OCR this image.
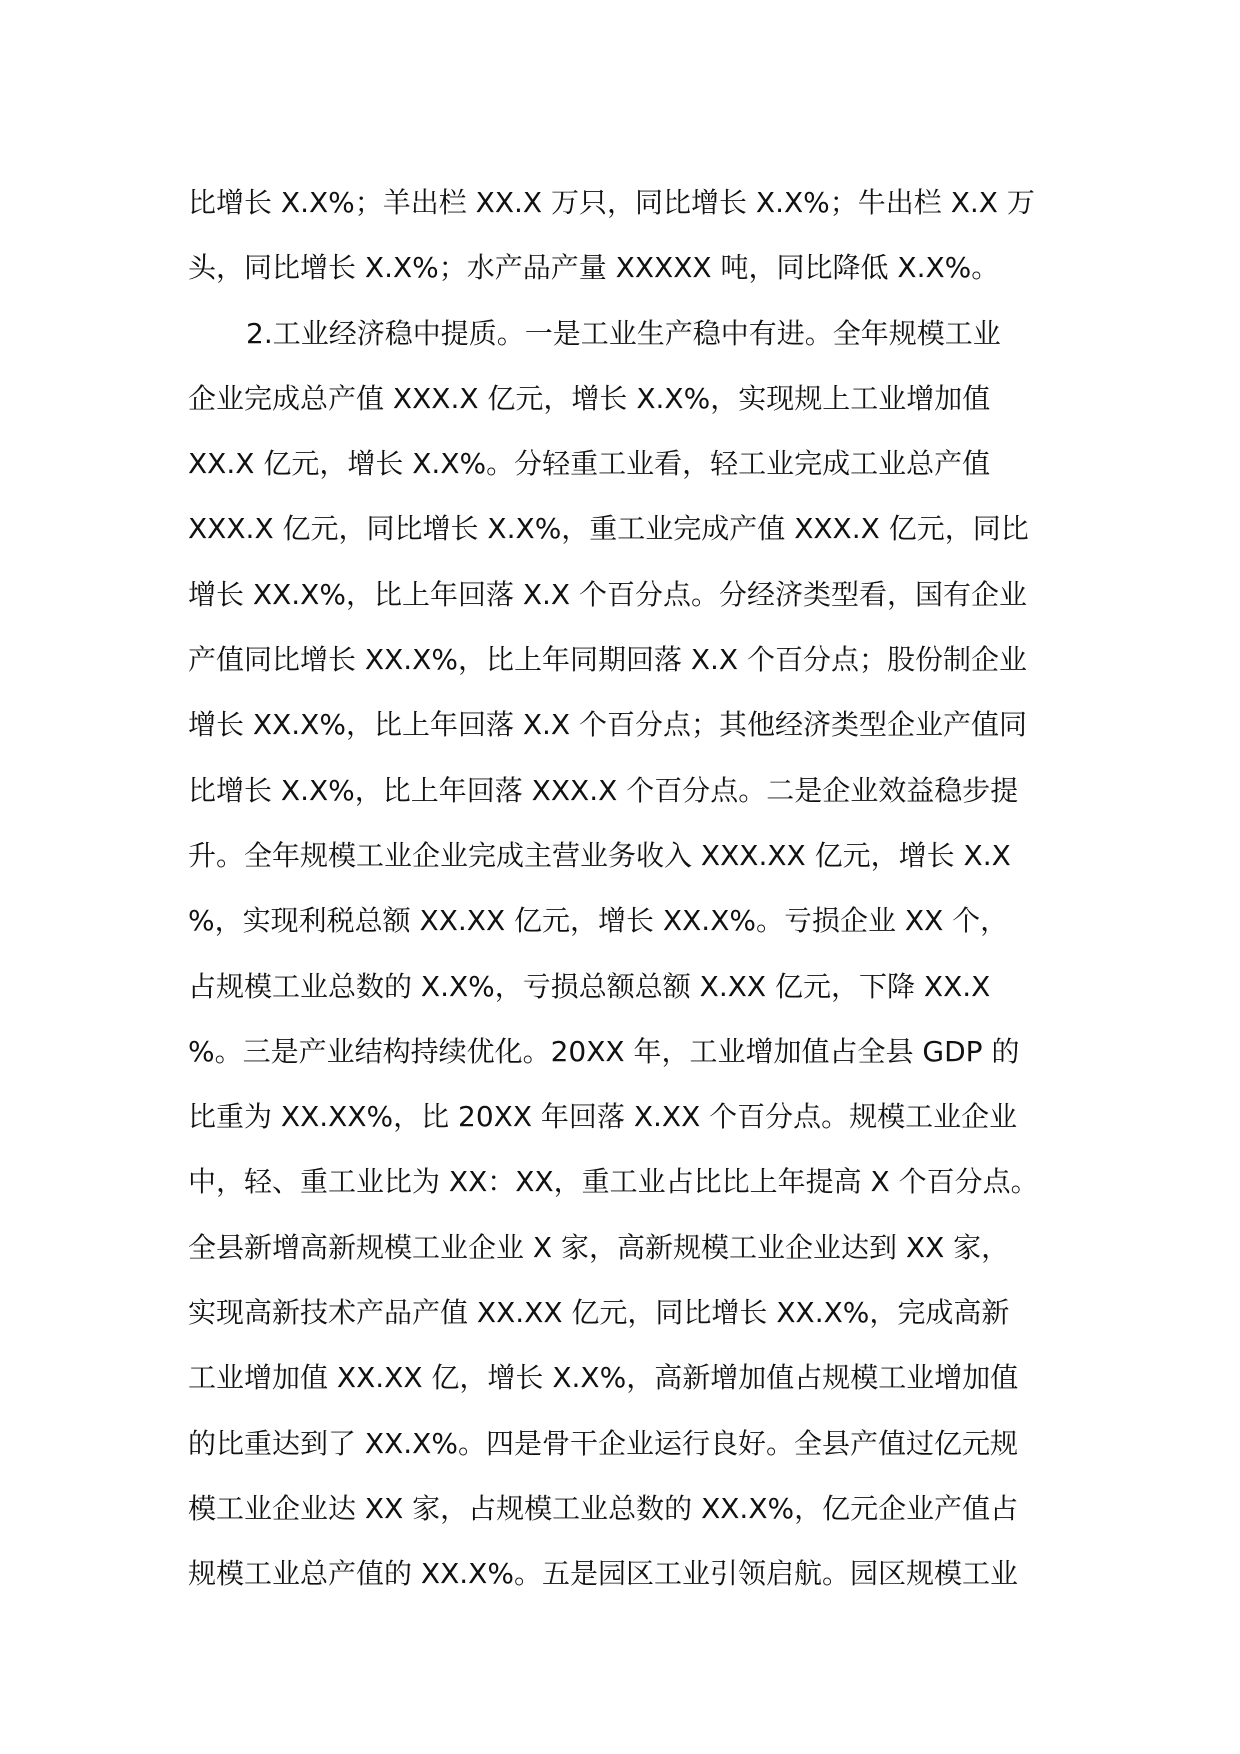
比增长 X.X%；羊出栏 XX.X 万只，同比增长 X.X%；牛出栏 X.X 万
头，同比增长 X.X%；水产品产量 XXXXX 吨，同比降低 X.X%。
2.工业经济稳中提质。一是工业生产稳中有进。全年规模工业
企业完成总产值 XXX.X 亿元，增长 X.X%，实现规上工业增加值
XX.X 亿元，增长 X.X%。分轻重工业看，轻工业完成工业总产值
XXX.X 亿元，同比增长 X.X%，重工业完成产值 XXX.X 亿元，同比
增长 XX.X%，比上年回落 X.X 个百分点。分经济类型看，国有企业
产值同比增长 XX.X%，比上年同期回落 X.X 个百分点；股份制企业
增长 XX.X%，比上年回落 X.X 个百分点；其他经济类型企业产值同
比增长 X.X%，比上年回落 XXX.X 个百分点。二是企业效益稳步提
升。全年规模工业企业完成主营业务收入 XXX.XX 亿元，增长 X.X
%，实现利税总额 XX.XX 亿元，增长 XX.X%。亏损企业 XX 个，
占规模工业总数的 X.X%，亏损总额总额 X.XX 亿元，下降 XX.X
%。三是产业结构持续优化。20XX 年，工业增加值占全县 GDP 的
比重为 XX.XX%，比 20XX 年回落 X.XX 个百分点。规模工业企业
中，轻、重工业比为 XX：XX，重工业占比比上年提高 X 个百分点。
全县新增高新规模工业企业 X 家，高新规模工业企业达到 XX 家，
实现高新技术产品产值 XX.XX 亿元，同比增长 XX.X%，完成高新
工业增加值 XX.XX 亿，增长 X.X%，高新增加值占规模工业增加值
的比重达到了 XX.X%。四是骨干企业运行良好。全县产值过亿元规
模工业企业达 XX 家，占规模工业总数的 XX.X%，亿元企业产值占
规模工业总产值的 XX.X%。五是园区工业引领启航。园区规模工业
